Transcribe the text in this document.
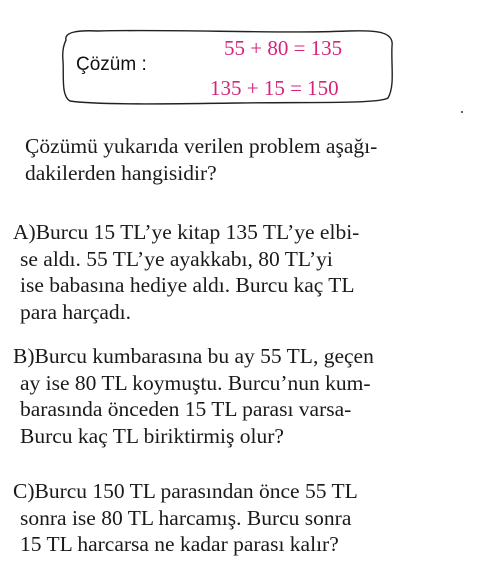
Çözüm :
55 + 80 = 135
135 + 15 = 150
Çözümü yukarıda verilen problem aşağı-
dakilerden hangisidir?
A)Burcu 15 TL’ye kitap 135 TL’ye elbi-
se aldı. 55 TL’ye ayakkabı, 80 TL’yi
ise babasına hediye aldı. Burcu kaç TL
para harçadı.
B)Burcu kumbarasına bu ay 55 TL, geçen
ay ise 80 TL koymuştu. Burcu’nun kum-
barasında önceden 15 TL parası varsa-
Burcu kaç TL biriktirmiş olur?
C)Burcu 150 TL parasından önce 55 TL
sonra ise 80 TL harcamış. Burcu sonra
15 TL harcarsa ne kadar parası kalır?
